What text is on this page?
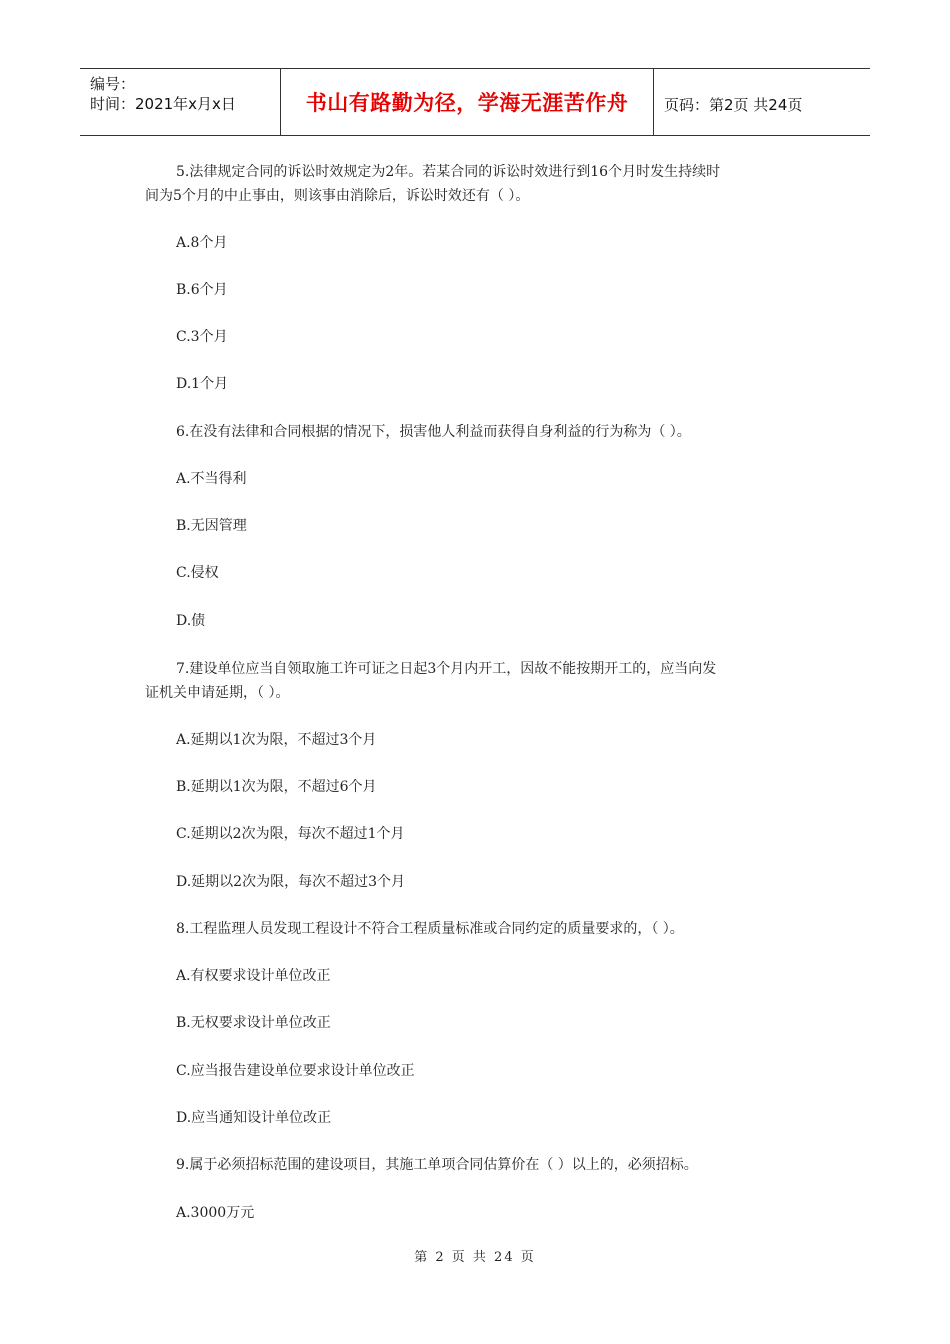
编号：
时间：2021年x月x日	书山有路勤为径，学海无涯苦作舟	页码：第2页 共24页
5.法律规定合同的诉讼时效规定为2年。若某合同的诉讼时效进行到16个月时发生持续时
间为5个月的中止事由，则该事由消除后，诉讼时效还有（ ）。
A.8个月
B.6个月
C.3个月
D.1个月
6.在没有法律和合同根据的情况下，损害他人利益而获得自身利益的行为称为（ ）。
A.不当得利
B.无因管理
C.侵权
D.债
7.建设单位应当自领取施工许可证之日起3个月内开工，因故不能按期开工的，应当向发
证机关申请延期，（ ）。
A.延期以1次为限，不超过3个月
B.延期以1次为限，不超过6个月
C.延期以2次为限，每次不超过1个月
D.延期以2次为限，每次不超过3个月
8.工程监理人员发现工程设计不符合工程质量标准或合同约定的质量要求的，（ ）。
A.有权要求设计单位改正
B.无权要求设计单位改正
C.应当报告建设单位要求设计单位改正
D.应当通知设计单位改正
9.属于必须招标范围的建设项目，其施工单项合同估算价在（ ）以上的，必须招标。
A.3000万元
第 2 页 共 24 页
